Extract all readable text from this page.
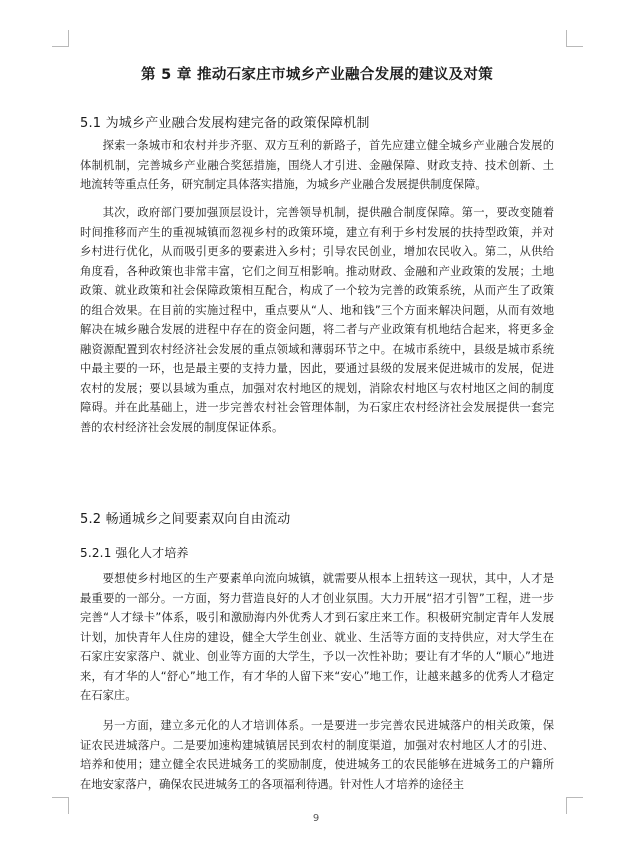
第 5 章 推动石家庄市城乡产业融合发展的建议及对策
5.1 为城乡产业融合发展构建完备的政策保障机制

探索一条城市和农村并步齐驱、双方互利的新路子，首先应建立健全城乡产业融合发展的体制机制，完善城乡产业融合奖惩措施，围绕人才引进、金融保障、财政支持、技术创新、土地流转等重点任务，研究制定具体落实措施，为城乡产业融合发展提供制度保障。

其次，政府部门要加强顶层设计，完善领导机制，提供融合制度保障。第一，要改变随着时间推移而产生的重视城镇而忽视乡村的政策环境，建立有利于乡村发展的扶持型政策，并对乡村进行优化，从而吸引更多的要素进入乡村；引导农民创业，增加农民收入。第二，从供给角度看，各种政策也非常丰富，它们之间互相影响。推动财政、金融和产业政策的发展；土地政策、就业政策和社会保障政策相互配合，构成了一个较为完善的政策系统，从而产生了政策的组合效果。在目前的实施过程中，重点要从“人、地和钱”三个方面来解决问题，从而有效地解决在城乡融合发展的进程中存在的资金问题，将二者与产业政策有机地结合起来，将更多金融资源配置到农村经济社会发展的重点领域和薄弱环节之中。在城市系统中，县级是城市系统中最主要的一环，也是最主要的支持力量，因此，要通过县级的发展来促进城市的发展，促进农村的发展；要以县域为重点，加强对农村地区的规划，消除农村地区与农村地区之间的制度障碍。并在此基础上，进一步完善农村社会管理体制，为石家庄农村经济社会发展提供一套完善的农村经济社会发展的制度保证体系。

5.2 畅通城乡之间要素双向自由流动
5.2.1 强化人才培养

要想使乡村地区的生产要素单向流向城镇，就需要从根本上扭转这一现状，其中，人才是最重要的一部分。一方面，努力营造良好的人才创业氛围。大力开展“招才引智”工程，进一步完善“人才绿卡”体系，吸引和激励海内外优秀人才到石家庄来工作。积极研究制定青年人发展计划，加快青年人住房的建设，健全大学生创业、就业、生活等方面的支持供应，对大学生在石家庄安家落户、就业、创业等方面的大学生，予以一次性补助；要让有才华的人“顺心”地进来，有才华的人“舒心”地工作，有才华的人留下来“安心”地工作，让越来越多的优秀人才稳定在石家庄。

另一方面，建立多元化的人才培训体系。一是要进一步完善农民进城落户的相关政策，保证农民进城落户。二是要加速构建城镇居民到农村的制度渠道，加强对农村地区人才的引进、培养和使用；建立健全农民进城务工的奖励制度，使进城务工的农民能够在进城务工的户籍所在地安家落户，确保农民进城务工的各项福利待遇。针对性人才培养的途径主

9
